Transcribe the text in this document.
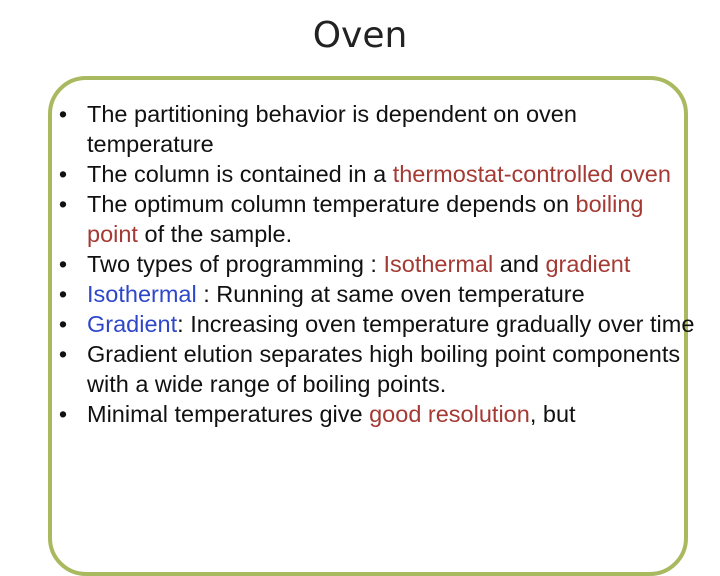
Oven
• The partitioning behavior is dependent on oven temperature
• The column is contained in a thermostat-controlled oven
• The optimum column temperature depends on boiling point of the sample.
• Two types of programming : Isothermal and gradient
• Isothermal : Running at same oven temperature
• Gradient: Increasing oven temperature gradually over time
• Gradient elution separates high boiling point components with a wide range of boiling points.
• Minimal temperatures give good resolution, but
